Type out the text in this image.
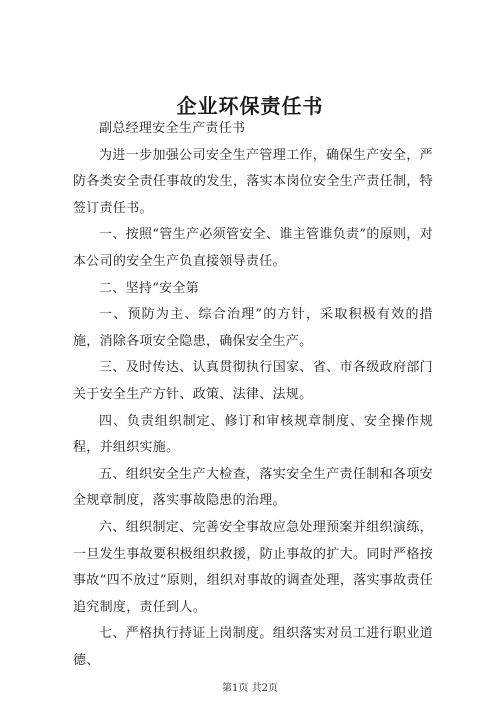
企业环保责任书

副总经理安全生产责任书

为进一步加强公司安全生产管理工作，确保生产安全，严防各类安全责任事故的发生，落实本岗位安全生产责任制，特签订责任书。

一、按照“管生产必须管安全、谁主管谁负责”的原则，对本公司的安全生产负直接领导责任。

二、坚持“安全第

一、预防为主、综合治理”的方针，采取积极有效的措施，消除各项安全隐患，确保安全生产。

三、及时传达、认真贯彻执行国家、省、市各级政府部门关于安全生产方针、政策、法律、法规。

四、负责组织制定、修订和审核规章制度、安全操作规程，并组织实施。

五、组织安全生产大检查，落实安全生产责任制和各项安全规章制度，落实事故隐患的治理。

六、组织制定、完善安全事故应急处理预案并组织演练，一旦发生事故要积极组织救援，防止事故的扩大。同时严格按事故“四不放过”原则，组织对事故的调查处理，落实事故责任追究制度，责任到人。

七、严格执行持证上岗制度。组织落实对员工进行职业道德、

第1页 共2页
